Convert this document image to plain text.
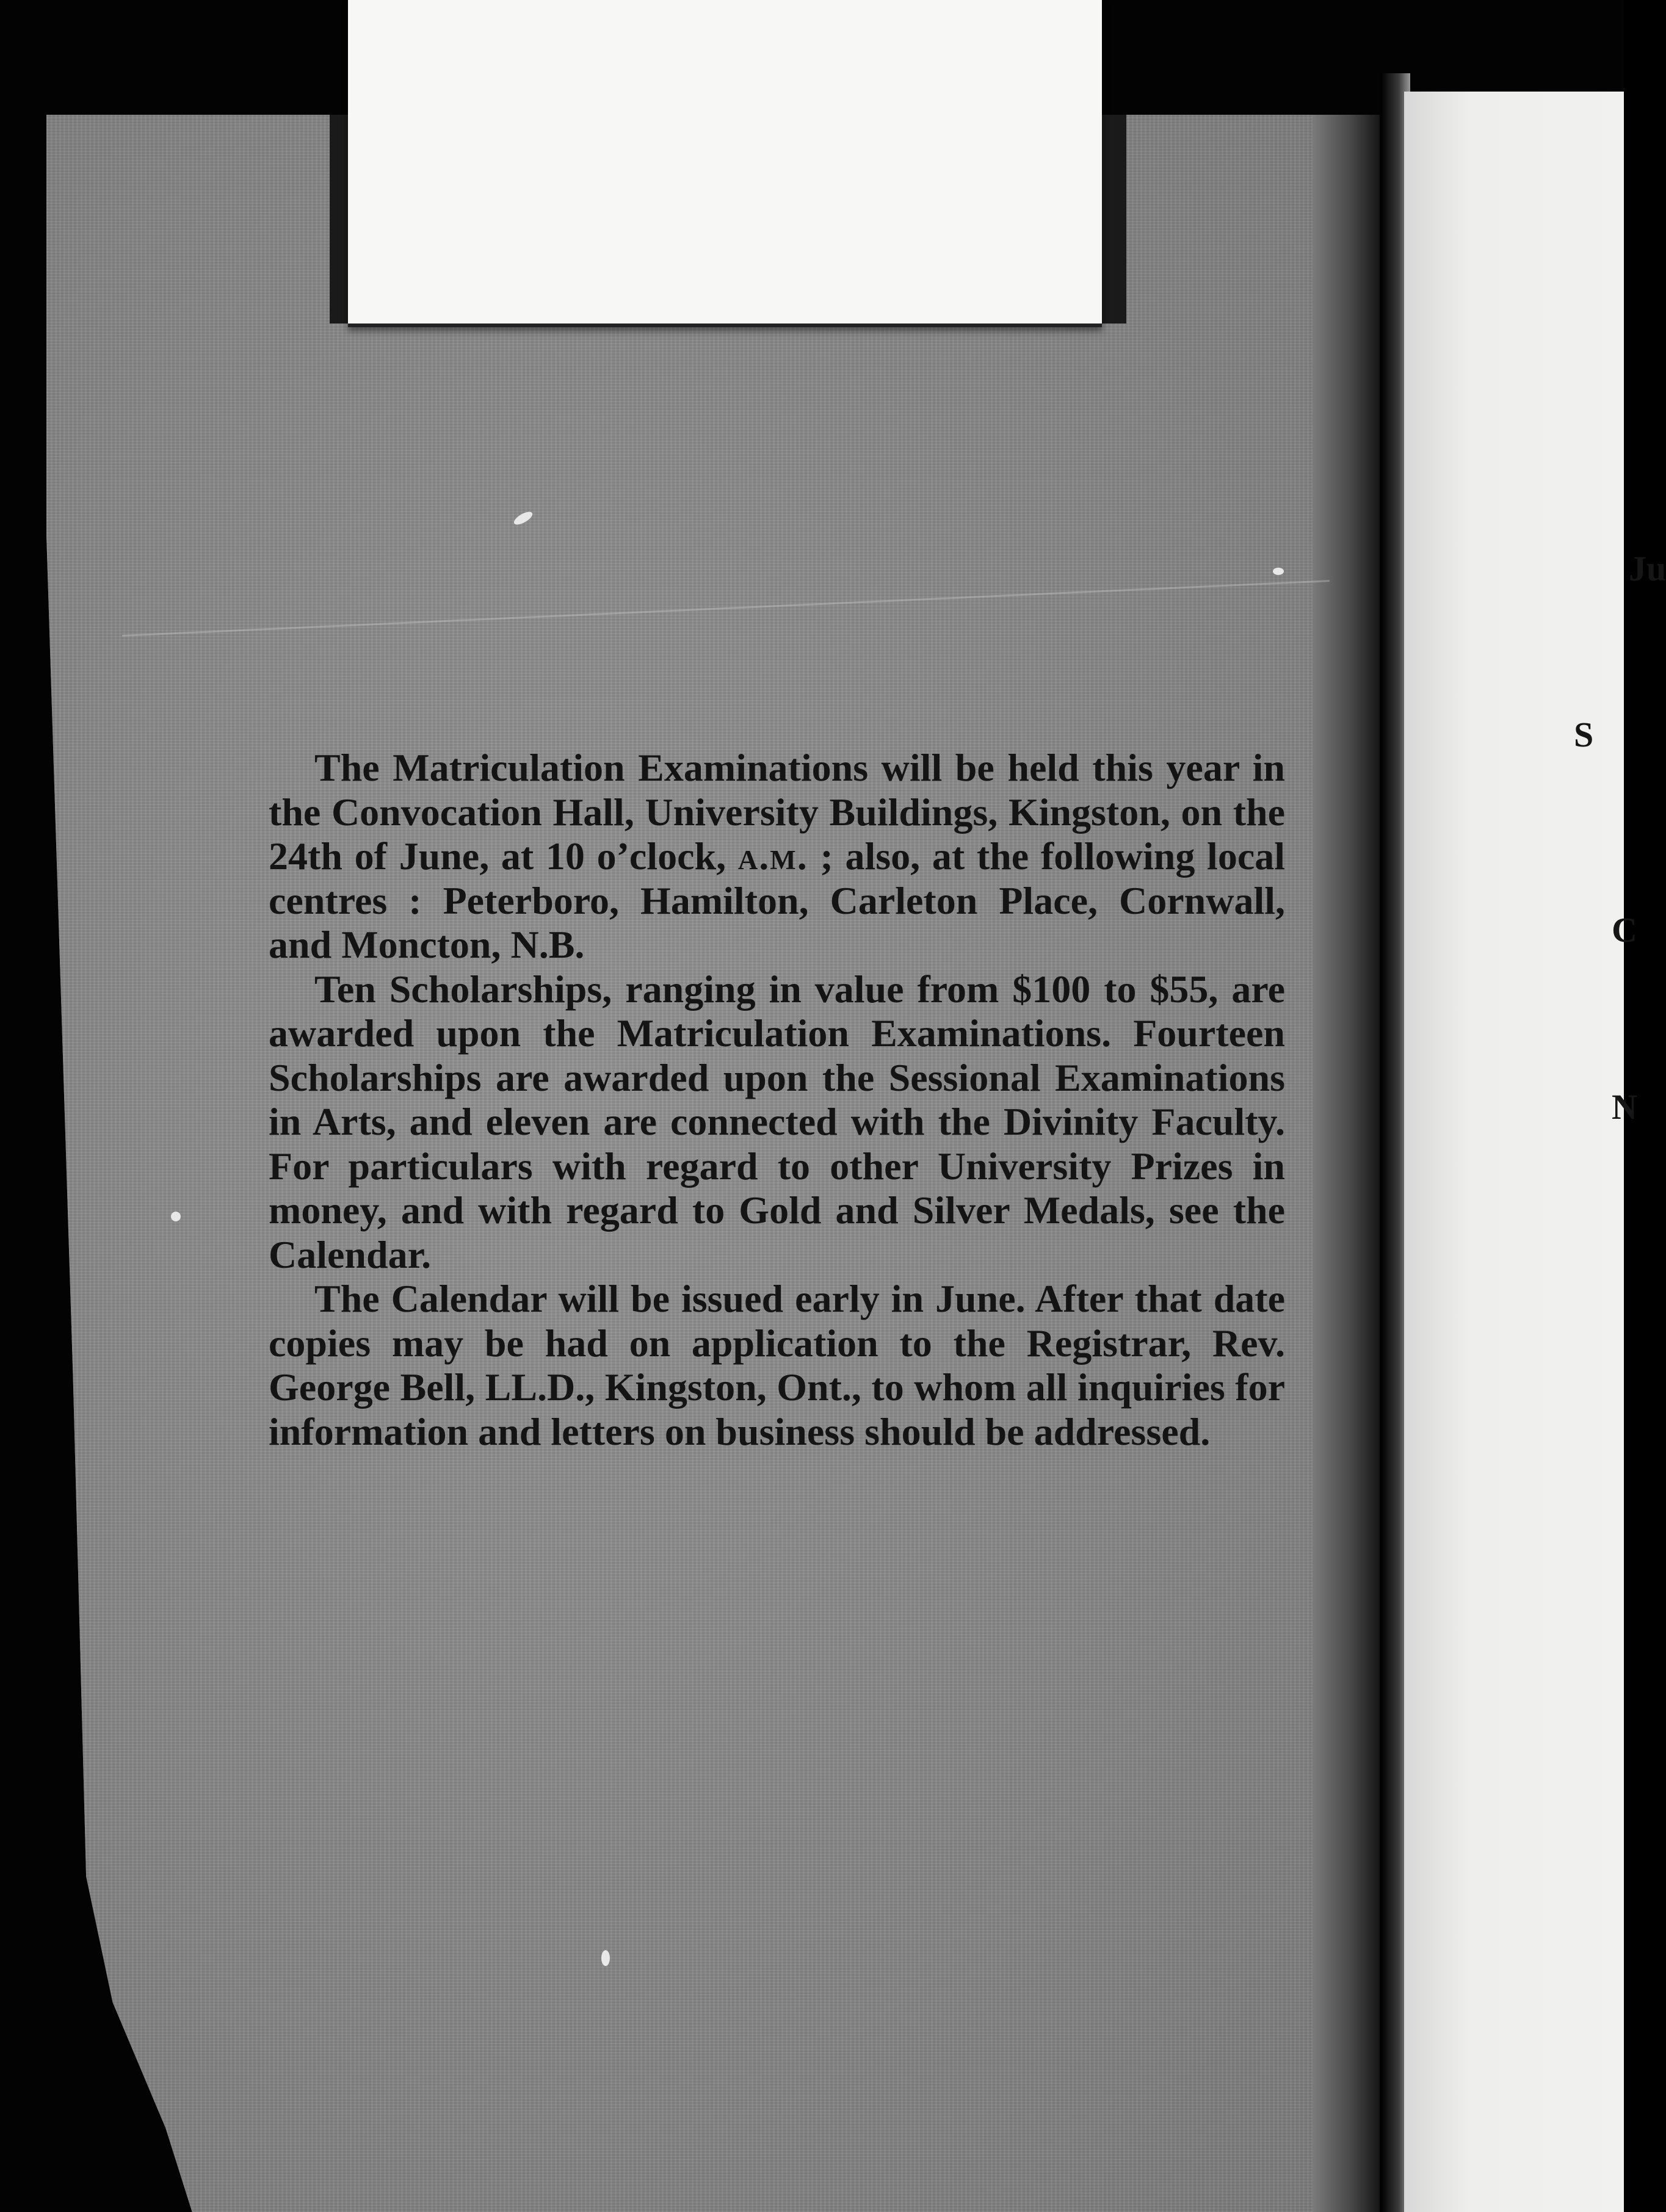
Ju
S
C
N

The Matriculation Examinations will be held this year in the Convocation Hall, University Buildings, Kingston, on the 24th of June, at 10 o’clock, a.m. ; also, at the following local centres : Peterboro, Hamilton, Carleton Place, Cornwall, and Moncton, N.B.

Ten Scholarships, ranging in value from $100 to $55, are awarded upon the Matriculation Examinations. Fourteen Scholarships are awarded upon the Sessional Examinations in Arts, and eleven are connected with the Divinity Faculty. For particulars with regard to other University Prizes in money, and with regard to Gold and Silver Medals, see the Calendar.

The Calendar will be issued early in June. After that date copies may be had on application to the Registrar, Rev. George Bell, LL.D., Kingston, Ont., to whom all inquiries for information and letters on business should be addressed.
